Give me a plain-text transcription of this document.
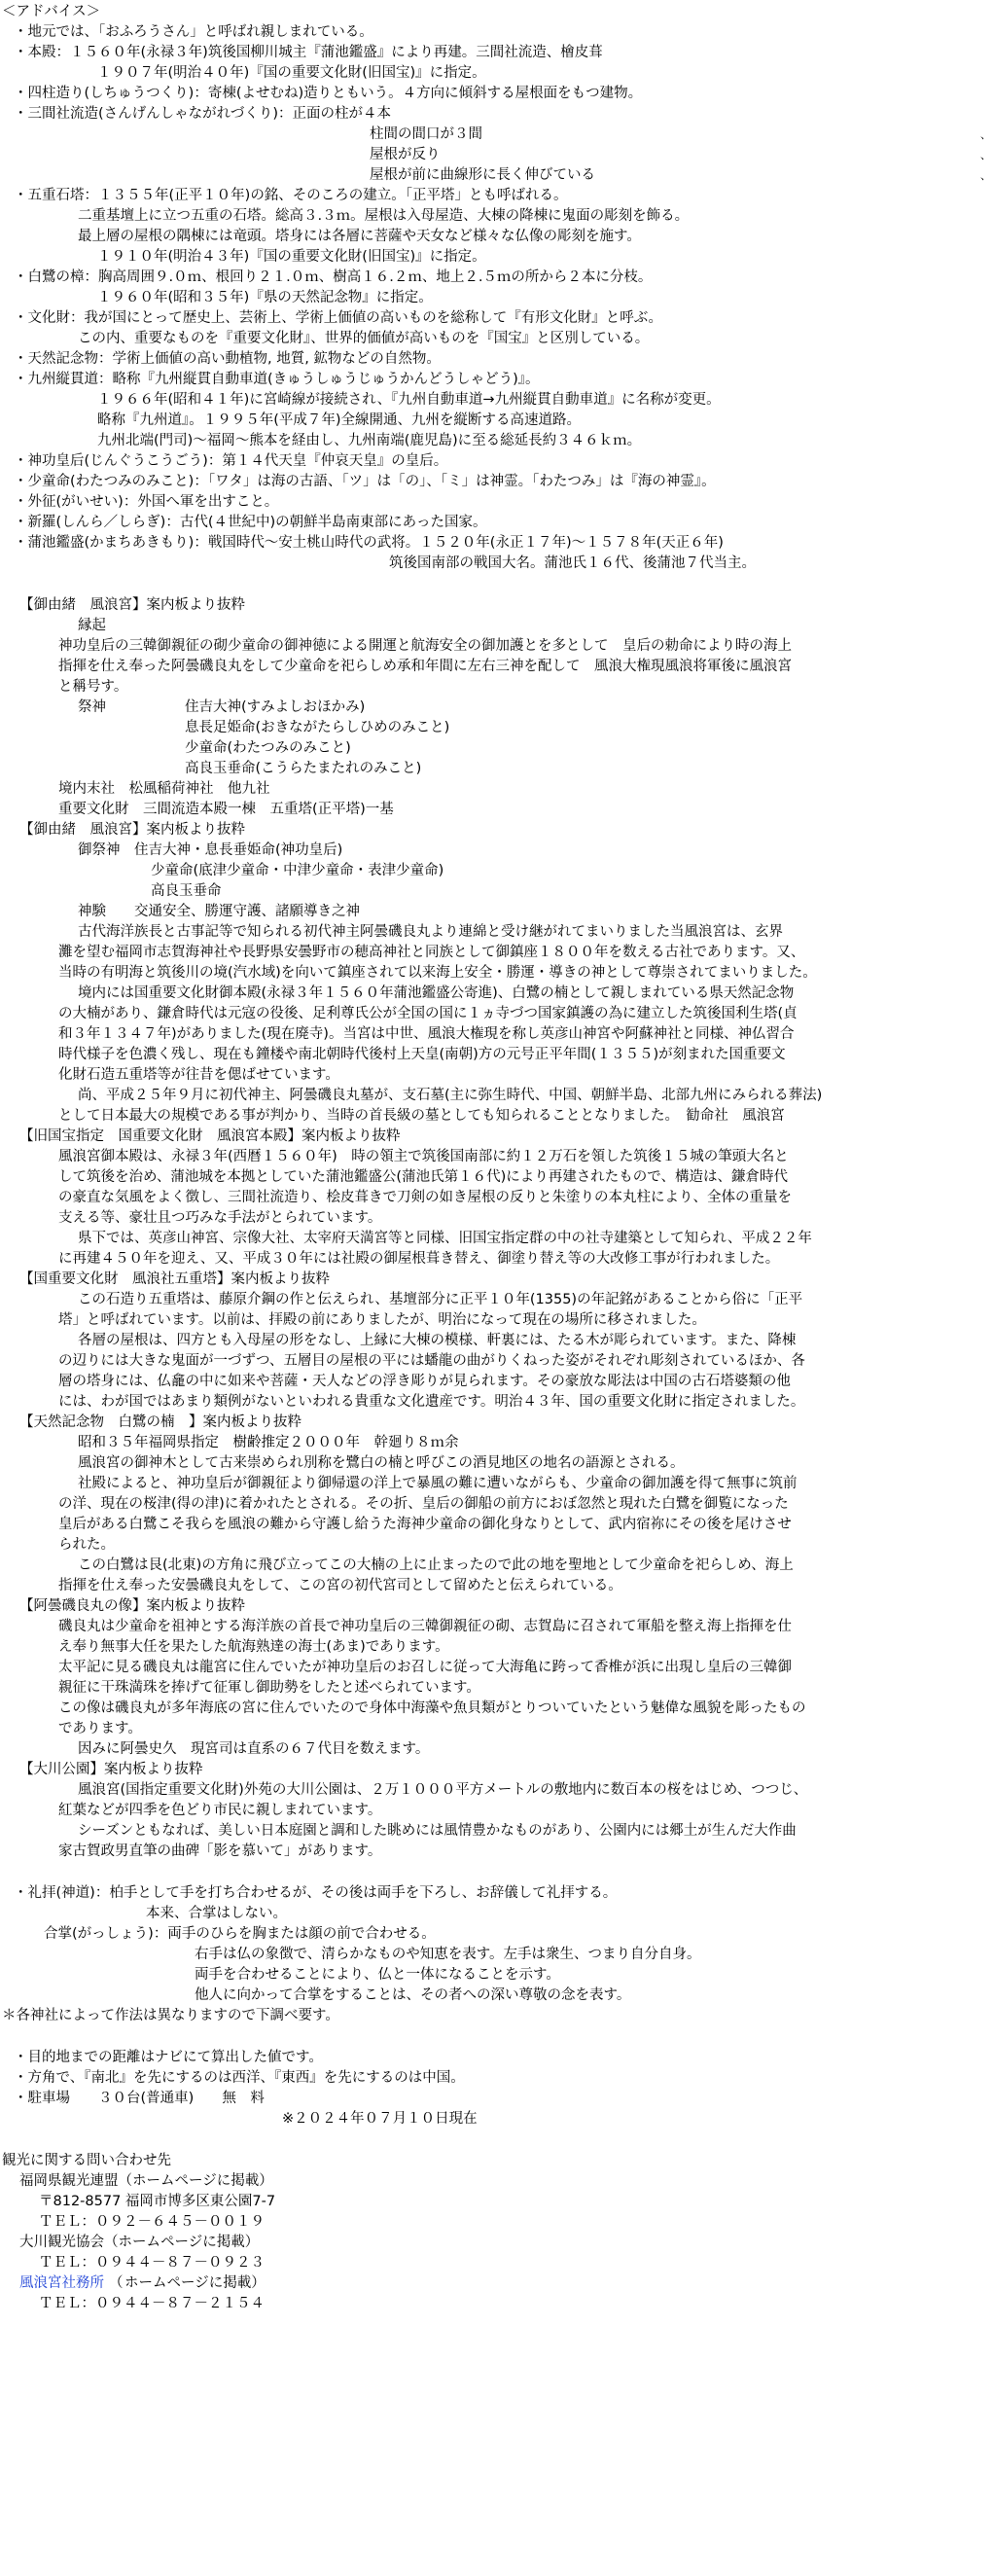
＜アドバイス＞
・地元では、「おふろうさん」と呼ばれ親しまれている。
・本殿：１５６０年(永禄３年)筑後国柳川城主『蒲池鑑盛』により再建。三間社流造、檜皮葺
１９０７年(明治４０年)『国の重要文化財(旧国宝)』に指定。
・四柱造り(しちゅうつくり)：寄棟(よせむね)造りともいう。４方向に傾斜する屋根面をもつ建物。
・三間社流造(さんげんしゃながれづくり)：正面の柱が４本
柱間の間口が３間
屋根が反り
屋根が前に曲線形に長く伸びている
・五重石塔：１３５５年(正平１０年)の銘、そのころの建立。「正平塔」とも呼ばれる。
二重基壇上に立つ五重の石塔。総高３.３ｍ。屋根は入母屋造、大棟の降棟に鬼面の彫刻を飾る。
最上層の屋根の隅棟には竜頭。塔身には各層に菩薩や天女など様々な仏像の彫刻を施す。
１９１０年(明治４３年)『国の重要文化財(旧国宝)』に指定。
・白鷺の樟：胸高周囲９.０ｍ、根回り２１.０ｍ、樹高１６.２ｍ、地上２.５ｍの所から２本に分枝。
１９６０年(昭和３５年)『県の天然記念物』に指定。
・文化財：我が国にとって歴史上、芸術上、学術上価値の高いものを総称して『有形文化財』と呼ぶ。
この内、重要なものを『重要文化財』、世界的価値が高いものを『国宝』と区別している。
・天然記念物：学術上価値の高い動植物, 地質, 鉱物などの自然物。
・九州縦貫道：略称『九州縦貫自動車道(きゅうしゅうじゅうかんどうしゃどう)』。
１９６６年(昭和４１年)に宮崎線が接続され、『九州自動車道→九州縦貫自動車道』に名称が変更。
略称『九州道』。１９９５年(平成７年)全線開通、九州を縦断する高速道路。
九州北端(門司)～福岡～熊本を経由し、九州南端(鹿児島)に至る総延長約３４６ｋｍ。
・神功皇后(じんぐうこうごう)：第１４代天皇『仲哀天皇』の皇后。
・少童命(わたつみのみこと)：「ワタ」は海の古語、「ツ」は「の」、「ミ」は神霊。「わたつみ」は『海の神霊』。
・外征(がいせい)：外国へ軍を出すこと。
・新羅(しんら／しらぎ)：古代(４世紀中)の朝鮮半島南東部にあった国家。
・蒲池鑑盛(かまちあきもり)：戦国時代～安土桃山時代の武将。１５２０年(永正１７年)～１５７８年(天正６年)
筑後国南部の戦国大名。蒲池氏１６代、後蒲池７代当主。
【御由緒　風浪宮】案内板より抜粋
縁起
神功皇后の三韓御親征の砌少童命の御神徳による開運と航海安全の御加護とを多として　皇后の勅命により時の海上
指揮を仕え奉った阿曇磯良丸をして少童命を祀らしめ承和年間に左右三神を配して　風浪大権現風浪将軍後に風浪宮
と稱号す。
祭神	住吉大神(すみよしおほかみ)
息長足姫命(おきながたらしひめのみこと)
少童命(わたつみのみこと)
高良玉垂命(こうらたまたれのみこと)
境内末社　松風稲荷神社　他九社
重要文化財　三間流造本殿一棟　五重塔(正平塔)一基
【御由緒　風浪宮】案内板より抜粋
御祭神　住吉大神・息長垂姫命(神功皇后)
少童命(底津少童命・中津少童命・表津少童命)
高良玉垂命
神験　　交通安全、勝運守護、諸願導き之神
古代海洋族長と古事記等で知られる初代神主阿曇磯良丸より連綿と受け継がれてまいりました当風浪宮は、玄界
灘を望む福岡市志賀海神社や長野県安曇野市の穂高神社と同族として御鎮座１８００年を数える古社であります。又、
当時の有明海と筑後川の境(汽水域)を向いて鎮座されて以来海上安全・勝運・導きの神として尊崇されてまいりました。
境内には国重要文化財御本殿(永禄３年１５６０年蒲池鑑盛公寄進)、白鷺の楠として親しまれている県天然記念物
の大楠があり、鎌倉時代は元寇の役後、足利尊氏公が全国の国に１ヵ寺づつ国家鎮護の為に建立した筑後国利生塔(貞
和３年１３４７年)がありました(現在廃寺)。当宮は中世、風浪大権現を称し英彦山神宮や阿蘇神社と同様、神仏習合
時代様子を色濃く残し、現在も鐘楼や南北朝時代後村上天皇(南朝)方の元号正平年間(１３５５)が刻まれた国重要文
化財石造五重塔等が往昔を偲ばせています。
尚、平成２５年９月に初代神主、阿曇磯良丸墓が、支石墓(主に弥生時代、中国、朝鮮半島、北部九州にみられる葬法)
として日本最大の規模である事が判かり、当時の首長級の墓としても知られることとなりました。　勧命社　風浪宮
【旧国宝指定　国重要文化財　風浪宮本殿】案内板より抜粋
風浪宮御本殿は、永禄３年(西暦１５６０年)　時の領主で筑後国南部に約１２万石を領した筑後１５城の筆頭大名と
して筑後を治め、蒲池城を本拠としていた蒲池鑑盛公(蒲池氏第１６代)により再建されたもので、構造は、鎌倉時代
の豪直な気風をよく徴し、三間社流造り、桧皮葺きで刀剣の如き屋根の反りと朱塗りの本丸柱により、全体の重量を
支える等、豪壮且つ巧みな手法がとられています。
県下では、英彦山神宮、宗像大社、太宰府天満宮等と同様、旧国宝指定群の中の社寺建築として知られ、平成２２年
に再建４５０年を迎え、又、平成３０年には社殿の御屋根葺き替え、御塗り替え等の大改修工事が行われました。
【国重要文化財　風浪社五重塔】案内板より抜粋
この石造り五重塔は、藤原介鋼の作と伝えられ、基壇部分に正平１０年(1355)の年記銘があることから俗に「正平
塔」と呼ばれています。以前は、拝殿の前にありましたが、明治になって現在の場所に移されました。
各層の屋根は、四方とも入母屋の形をなし、上縁に大棟の模様、軒裏には、たる木が彫られています。また、降棟
の辺りには大きな鬼面が一づずつ、五層目の屋根の平には蟠龍の曲がりくねった姿がそれぞれ彫刻されているほか、各
層の塔身には、仏龕の中に如来や菩薩・天人などの浮き彫りが見られます。その豪放な彫法は中国の古石塔婆類の他
には、わが国ではあまり類例がないといわれる貴重な文化遺産です。明治４３年、国の重要文化財に指定されました。
【天然記念物　白鷺の楠　】案内板より抜粋
昭和３５年福岡県指定　樹齢推定２０００年　幹廻り８ｍ余
風浪宮の御神木として古来崇められ別称を鷺白の楠と呼びこの酒見地区の地名の語源とされる。
社殿によると、神功皇后が御親征より御帰還の洋上で暴風の難に遭いながらも、少童命の御加護を得て無事に筑前
の洋、現在の桜津(得の津)に着かれたとされる。その折、皇后の御船の前方におぼ忽然と現れた白鷺を御覧になった
皇后がある白鷺こそ我らを風浪の難から守護し給うた海神少童命の御化身なりとして、武内宿祢にその後を尾けさせ
られた。
この白鷺は艮(北東)の方角に飛び立ってこの大楠の上に止まったので此の地を聖地として少童命を祀らしめ、海上
指揮を仕え奉った安曇磯良丸をして、この宮の初代宮司として留めたと伝えられている。
【阿曇磯良丸の像】案内板より抜粋
磯良丸は少童命を祖神とする海洋族の首長で神功皇后の三韓御親征の砌、志賀島に召されて軍船を整え海上指揮を仕
え奉り無事大任を果たした航海熟達の海士(あま)であります。
太平記に見る磯良丸は龍宮に住んでいたが神功皇后のお召しに従って大海亀に跨って香椎が浜に出現し皇后の三韓御
親征に干珠満珠を捧げて征軍し御助勢をしたと述べられています。
この像は磯良丸が多年海底の宮に住んでいたので身体中海藻や魚貝類がとりついていたという魅偉な風貌を彫ったもの
であります。
因みに阿曇史久　現宮司は直系の６７代目を数えます。
【大川公園】案内板より抜粋
風浪宮(国指定重要文化財)外苑の大川公園は、２万１０００平方メートルの敷地内に数百本の桜をはじめ、つつじ、
紅葉などが四季を色どり市民に親しまれています。
シーズンともなれば、美しい日本庭園と調和した眺めには風情豊かなものがあり、公園内には郷土が生んだ大作曲
家古賀政男直筆の曲碑「影を慕いて」があります。
・礼拝(神道)：柏手として手を打ち合わせるが、その後は両手を下ろし、お辞儀して礼拝する。
本来、合掌はしない。
合掌(がっしょう)：両手のひらを胸または顔の前で合わせる。
右手は仏の象徴で、清らかなものや知恵を表す。左手は衆生、つまり自分自身。
両手を合わせることにより、仏と一体になることを示す。
他人に向かって合掌をすることは、その者への深い尊敬の念を表す。
＊各神社によって作法は異なりますので下調べ要す。
・目的地までの距離はナビにて算出した値です。
・方角で、『南北』を先にするのは西洋、『東西』を先にするのは中国。
・駐車場　　３０台(普通車)　　無　料
※２０２４年０７月１０日現在
観光に関する問い合わせ先
福岡県観光連盟（ホームページに掲載）
〒812-8577 福岡市博多区東公園7-7
ＴＥＬ：０９２－６４５－００１９
大川観光協会（ホームページに掲載）
ＴＥＬ：０９４４－８７－０９２３
ホームページに掲載）
ＴＥＬ：０９４４－８７－２１５４
風浪宮社務所 （
、
、
、
